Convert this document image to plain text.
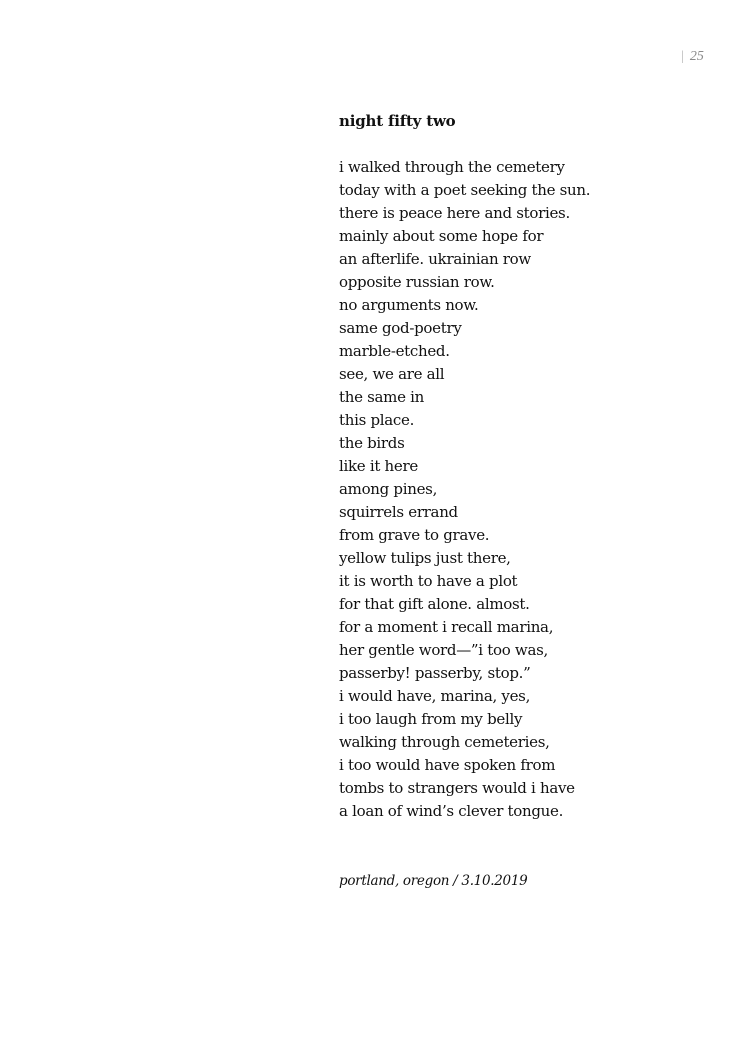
| 25
night fifty two
i walked through the cemetery
today with a poet seeking the sun.
there is peace here and stories.
mainly about some hope for
an afterlife. ukrainian row
opposite russian row.
no arguments now.
same god-poetry
marble-etched.
see, we are all
the same in
this place.
the birds
like it here
among pines,
squirrels errand
from grave to grave.
yellow tulips just there,
it is worth to have a plot
for that gift alone. almost.
for a moment i recall marina,
her gentle word—”i too was,
passerby! passerby, stop.”
i would have, marina, yes,
i too laugh from my belly
walking through cemeteries,
i too would have spoken from
tombs to strangers would i have
a loan of wind’s clever tongue.
portland, oregon / 3.10.2019
